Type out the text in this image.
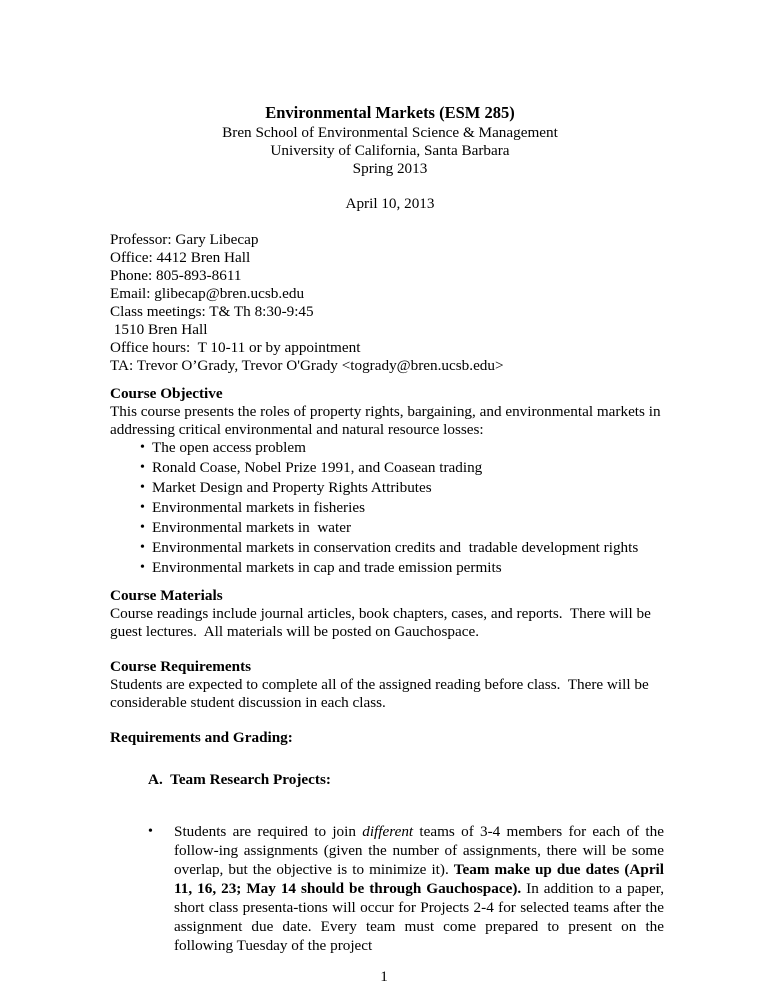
Environmental Markets (ESM 285)
Bren School of Environmental Science & Management
University of California, Santa Barbara
Spring 2013
April 10, 2013
Professor: Gary Libecap
Office: 4412 Bren Hall
Phone: 805-893-8611
Email: glibecap@bren.ucsb.edu
Class meetings: T& Th 8:30-9:45
1510 Bren Hall
Office hours:  T 10-11 or by appointment
TA: Trevor O’Grady, Trevor O'Grady <togrady@bren.ucsb.edu>
Course Objective
This course presents the roles of property rights, bargaining, and environmental markets in
addressing critical environmental and natural resource losses:
• The open access problem
• Ronald Coase, Nobel Prize 1991, and Coasean trading
• Market Design and Property Rights Attributes
• Environmental markets in fisheries
• Environmental markets in  water
• Environmental markets in conservation credits and  tradable development rights
• Environmental markets in cap and trade emission permits
Course Materials
Course readings include journal articles, book chapters, cases, and reports.  There will be
guest lectures.  All materials will be posted on Gauchospace.
Course Requirements
Students are expected to complete all of the assigned reading before class.  There will be
considerable student discussion in each class.
Requirements and Grading:
A.  Team Research Projects:
• Students are required to join different teams of 3-4 members for each of the follow-ing assignments (given the number of assignments, there will be some overlap, but the objective is to minimize it). Team make up due dates (April 11, 16, 23; May 14 should be through Gauchospace). In addition to a paper, short class presenta-tions will occur for Projects 2-4 for selected teams after the assignment due date. Every team must come prepared to present on the following Tuesday of the project
1
